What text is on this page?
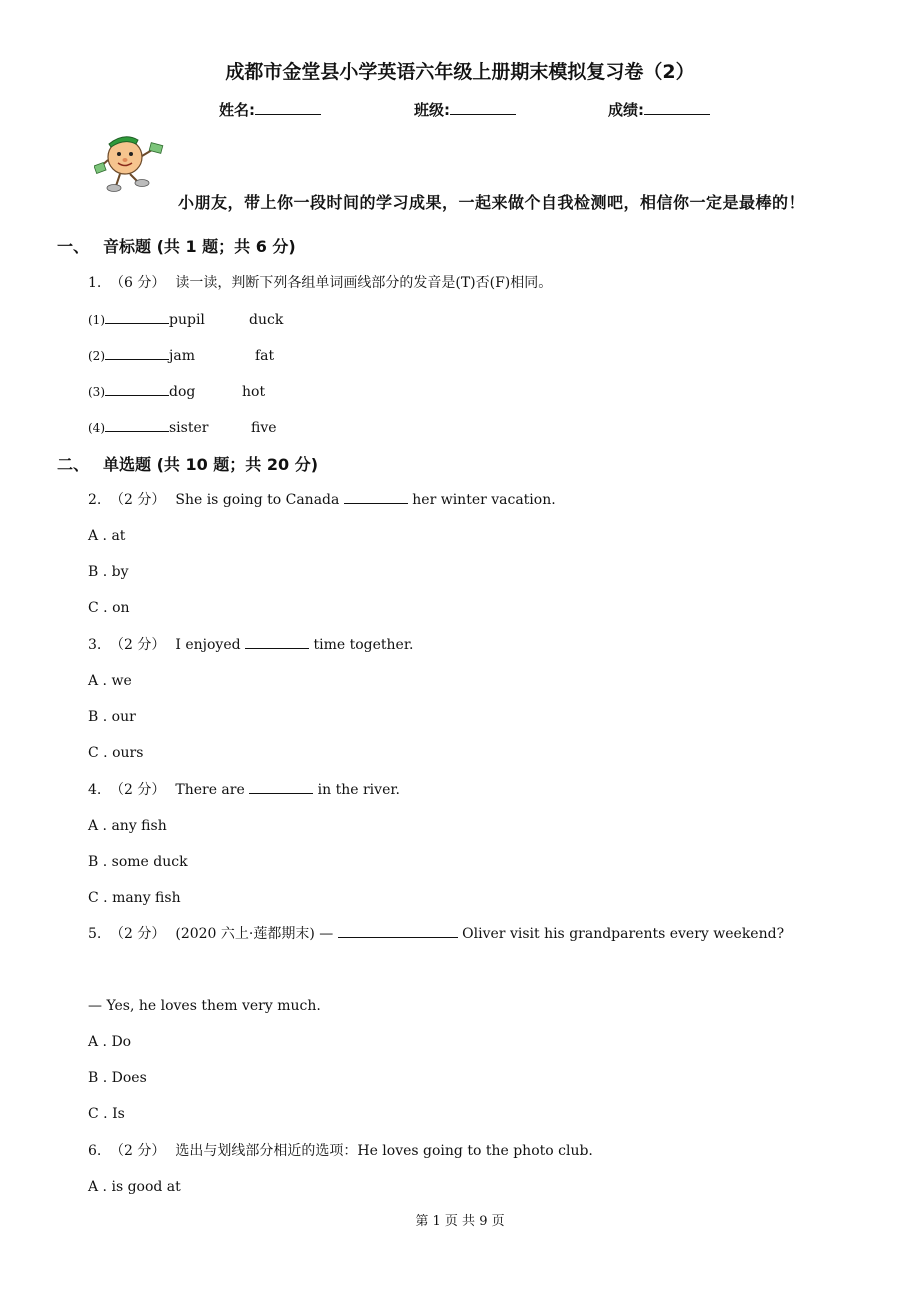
成都市金堂县小学英语六年级上册期末模拟复习卷（2）
姓名:	班级:	成绩:
小朋友，带上你一段时间的学习成果，一起来做个自我检测吧，相信你一定是最棒的！
一、 音标题 (共 1 题；共 6 分)
1. （6 分） 读一读，判断下列各组单词画线部分的发音是(T)否(F)相同。
(1)	pupil	duck
(2)	jam	fat
(3)	dog	hot
(4)	sister	five
二、 单选题 (共 10 题；共 20 分)
2. （2 分） She is going to Canada	her winter vacation.
A . at
B . by
C . on
3. （2 分） I enjoyed	time together.
A . we
B . our
C . ours
4. （2 分） There are	in the river.
A . any fish
B . some duck
C . many fish
5. （2 分） (2020 六上·莲都期末) —	Oliver visit his grandparents every weekend?
— Yes, he loves them very much.
A . Do
B . Does
C . Is
6. （2 分） 选出与划线部分相近的选项：He loves going to the photo club.
A . is good at
第 1 页 共 9 页
